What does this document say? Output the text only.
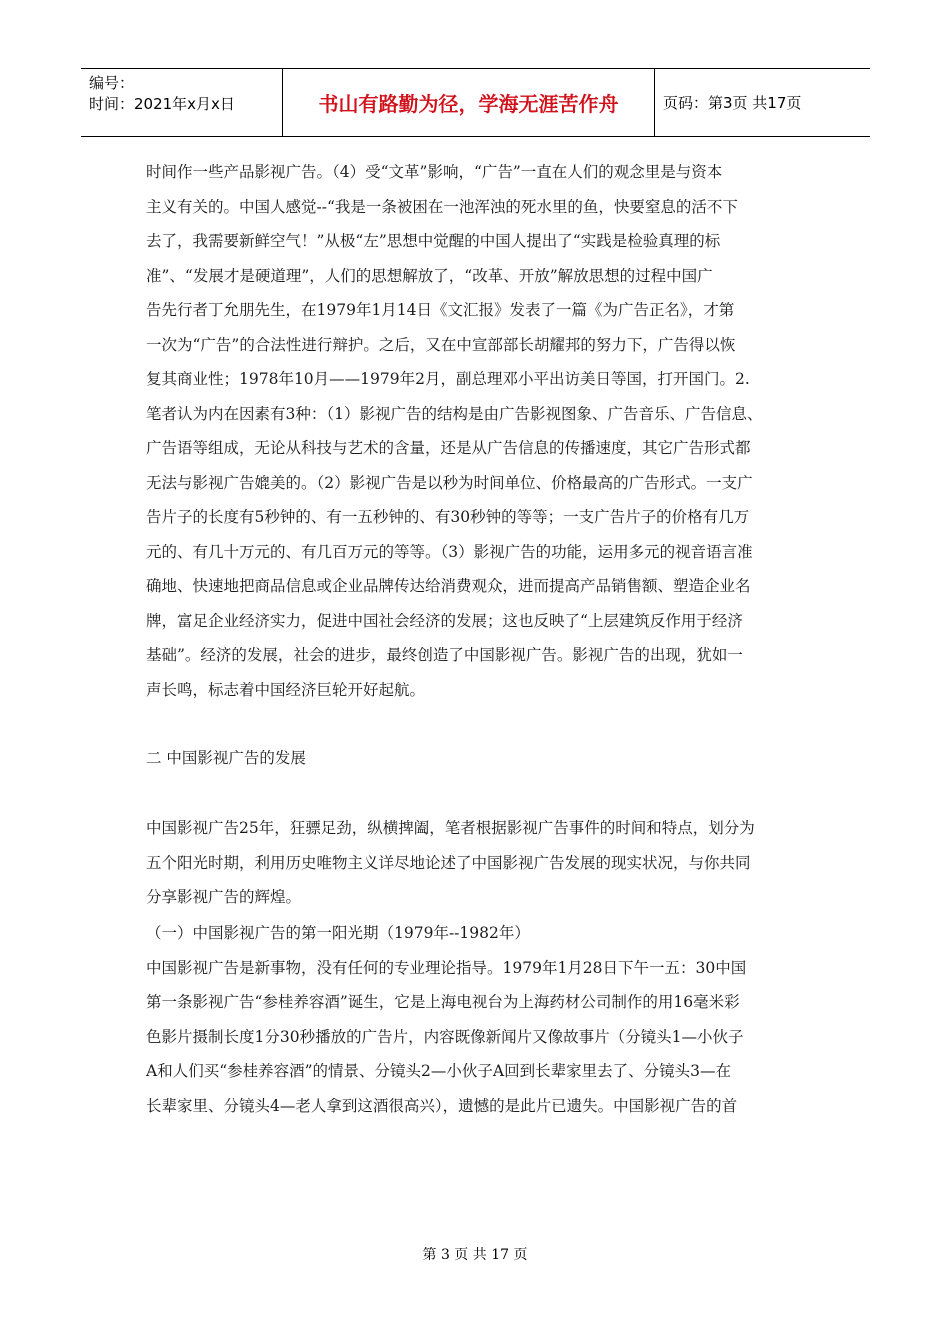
编号：
时间：2021年x月x日	书山有路勤为径，学海无涯苦作舟	页码：第3页 共17页
时间作一些产品影视广告。（4）受“文革”影响，“广告”一直在人们的观念里是与资本
主义有关的。中国人感觉--“我是一条被困在一池浑浊的死水里的鱼，快要窒息的活不下
去了，我需要新鲜空气！”从极“左”思想中觉醒的中国人提出了“实践是检验真理的标
准”、“发展才是硬道理”，人们的思想解放了，“改革、开放”解放思想的过程中国广
告先行者丁允朋先生，在1979年1月14日《文汇报》发表了一篇《为广告正名》，才第
一次为“广告”的合法性进行辩护。之后，又在中宣部部长胡耀邦的努力下，广告得以恢
复其商业性；1978年10月——1979年2月，副总理邓小平出访美日等国，打开国门。2.
笔者认为内在因素有3种：（1）影视广告的结构是由广告影视图象、广告音乐、广告信息、
广告语等组成，无论从科技与艺术的含量，还是从广告信息的传播速度，其它广告形式都
无法与影视广告媲美的。（2）影视广告是以秒为时间单位、价格最高的广告形式。一支广
告片子的长度有5秒钟的、有一五秒钟的、有30秒钟的等等；一支广告片子的价格有几万
元的、有几十万元的、有几百万元的等等。（3）影视广告的功能，运用多元的视音语言准
确地、快速地把商品信息或企业品牌传达给消费观众，进而提高产品销售额、塑造企业名
牌，富足企业经济实力，促进中国社会经济的发展；这也反映了“上层建筑反作用于经济
基础”。经济的发展，社会的进步，最终创造了中国影视广告。影视广告的出现，犹如一
声长鸣，标志着中国经济巨轮开好起航。

二 中国影视广告的发展

中国影视广告25年，狂骠足劲，纵横捭阖，笔者根据影视广告事件的时间和特点，划分为
五个阳光时期，利用历史唯物主义详尽地论述了中国影视广告发展的现实状况，与你共同
分享影视广告的辉煌。

（一）中国影视广告的第一阳光期（1979年--1982年）

中国影视广告是新事物，没有任何的专业理论指导。1979年1月28日下午一五：30中国
第一条影视广告“参桂养容酒”诞生，它是上海电视台为上海药材公司制作的用16毫米彩
色影片摄制长度1分30秒播放的广告片，内容既像新闻片又像故事片（分镜头1—小伙子
A和人们买“参桂养容酒”的情景、分镜头2—小伙子A回到长辈家里去了、分镜头3—在
长辈家里、分镜头4—老人拿到这酒很高兴），遗憾的是此片已遗失。中国影视广告的首
第 3 页 共 17 页
